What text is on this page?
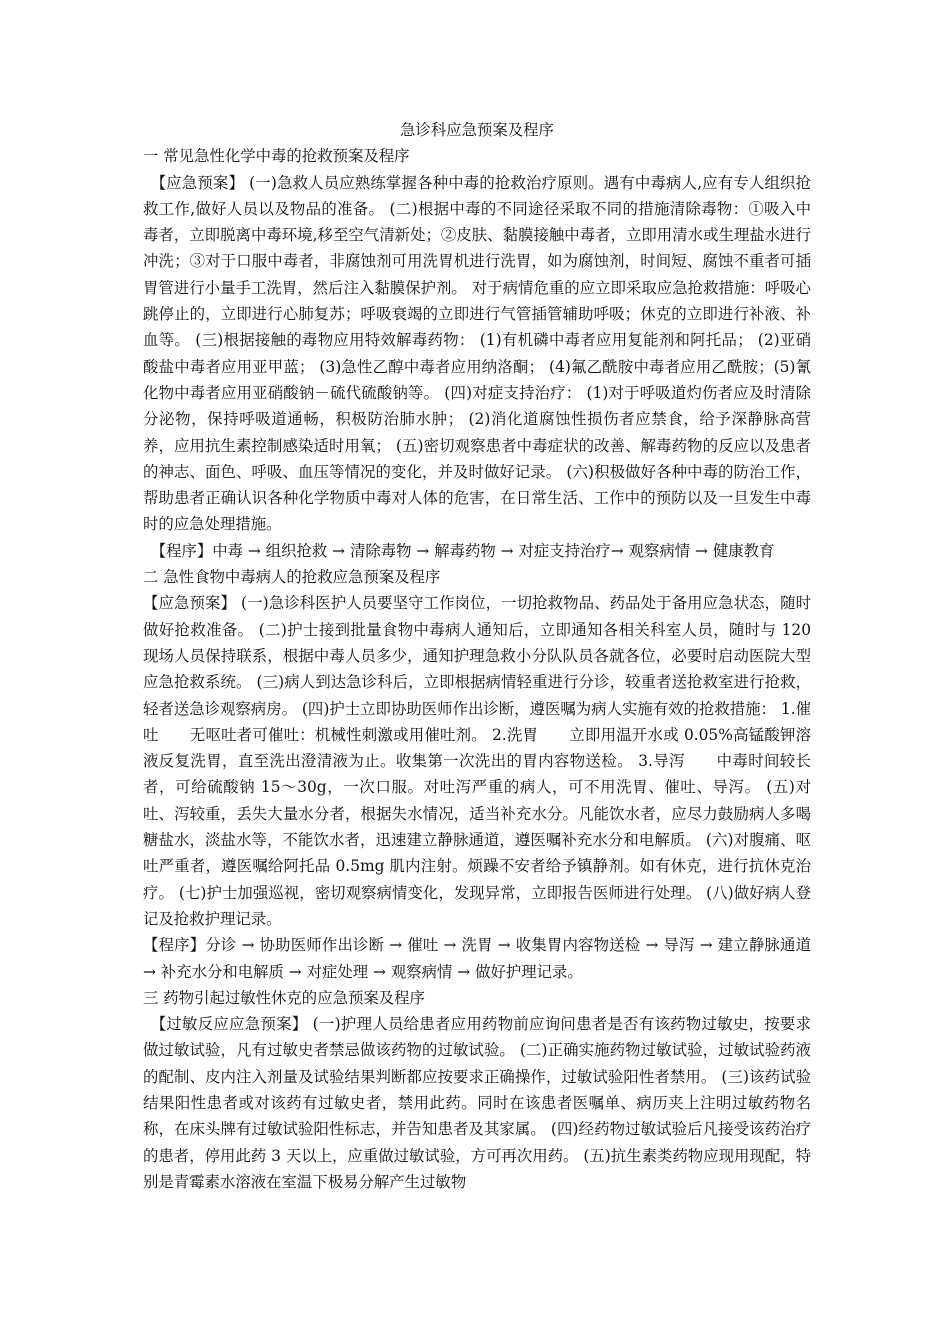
急诊科应急预案及程序

一 常见急性化学中毒的抢救预案及程序

【应急预案】 (一)急救人员应熟练掌握各种中毒的抢救治疗原则。遇有中毒病人,应有专人组织抢救工作,做好人员以及物品的准备。 (二)根据中毒的不同途径采取不同的措施清除毒物：①吸入中毒者，立即脱离中毒环境,移至空气清新处；②皮肤、黏膜接触中毒者，立即用清水或生理盐水进行冲洗；③对于口服中毒者，非腐蚀剂可用洗胃机进行洗胃，如为腐蚀剂，时间短、腐蚀不重者可插胃管进行小量手工洗胃，然后注入黏膜保护剂。 对于病情危重的应立即采取应急抢救措施：呼吸心跳停止的，立即进行心肺复苏；呼吸衰竭的立即进行气管插管辅助呼吸；休克的立即进行补液、补血等。 (三)根据接触的毒物应用特效解毒药物： (1)有机磷中毒者应用复能剂和阿托品； (2)亚硝酸盐中毒者应用亚甲蓝； (3)急性乙醇中毒者应用纳洛酮； (4)氟乙酰胺中毒者应用乙酰胺；(5)氰化物中毒者应用亚硝酸钠－硫代硫酸钠等。 (四)对症支持治疗： (1)对于呼吸道灼伤者应及时清除分泌物，保持呼吸道通畅，积极防治肺水肿； (2)消化道腐蚀性损伤者应禁食，给予深静脉高营养，应用抗生素控制感染适时用氧； (五)密切观察患者中毒症状的改善、解毒药物的反应以及患者的神志、面色、呼吸、血压等情况的变化，并及时做好记录。 (六)积极做好各种中毒的防治工作，帮助患者正确认识各种化学物质中毒对人体的危害，在日常生活、工作中的预防以及一旦发生中毒时的应急处理措施。

【程序】中毒 → 组织抢救 → 清除毒物 → 解毒药物 → 对症支持治疗→ 观察病情 → 健康教育

二 急性食物中毒病人的抢救应急预案及程序

【应急预案】 (一)急诊科医护人员要坚守工作岗位，一切抢救物品、药品处于备用应急状态，随时做好抢救准备。 (二)护士接到批量食物中毒病人通知后，立即通知各相关科室人员，随时与 120 现场人员保持联系，根据中毒人员多少，通知护理急救小分队队员各就各位，必要时启动医院大型应急抢救系统。 (三)病人到达急诊科后，立即根据病情轻重进行分诊，较重者送抢救室进行抢救，轻者送急诊观察病房。 (四)护士立即协助医师作出诊断，遵医嘱为病人实施有效的抢救措施： 1.催吐　　无呕吐者可催吐：机械性刺激或用催吐剂。 2.洗胃　　立即用温开水或 0.05%高锰酸钾溶液反复洗胃，直至洗出澄清液为止。收集第一次洗出的胃内容物送检。 3.导泻　　中毒时间较长者，可给硫酸钠 15～30g，一次口服。对吐泻严重的病人，可不用洗胃、催吐、导泻。 (五)对吐、泻较重，丢失大量水分者，根据失水情况，适当补充水分。凡能饮水者，应尽力鼓励病人多喝糖盐水，淡盐水等，不能饮水者，迅速建立静脉通道，遵医嘱补充水分和电解质。 (六)对腹痛、呕吐严重者，遵医嘱给阿托品 0.5mg 肌内注射。烦躁不安者给予镇静剂。如有休克，进行抗休克治疗。 (七)护士加强巡视，密切观察病情变化，发现异常，立即报告医师进行处理。 (八)做好病人登记及抢救护理记录。

【程序】分诊 → 协助医师作出诊断 → 催吐 → 洗胃 → 收集胃内容物送检 → 导泻 → 建立静脉通道 → 补充水分和电解质 → 对症处理 → 观察病情 → 做好护理记录。

三 药物引起过敏性休克的应急预案及程序

【过敏反应应急预案】 (一)护理人员给患者应用药物前应询问患者是否有该药物过敏史，按要求做过敏试验，凡有过敏史者禁忌做该药物的过敏试验。 (二)正确实施药物过敏试验，过敏试验药液的配制、皮内注入剂量及试验结果判断都应按要求正确操作，过敏试验阳性者禁用。 (三)该药试验结果阳性患者或对该药有过敏史者，禁用此药。同时在该患者医嘱单、病历夹上注明过敏药物名称，在床头牌有过敏试验阳性标志，并告知患者及其家属。 (四)经药物过敏试验后凡接受该药治疗的患者，停用此药 3 天以上，应重做过敏试验，方可再次用药。 (五)抗生素类药物应现用现配，特别是青霉素水溶液在室温下极易分解产生过敏物
